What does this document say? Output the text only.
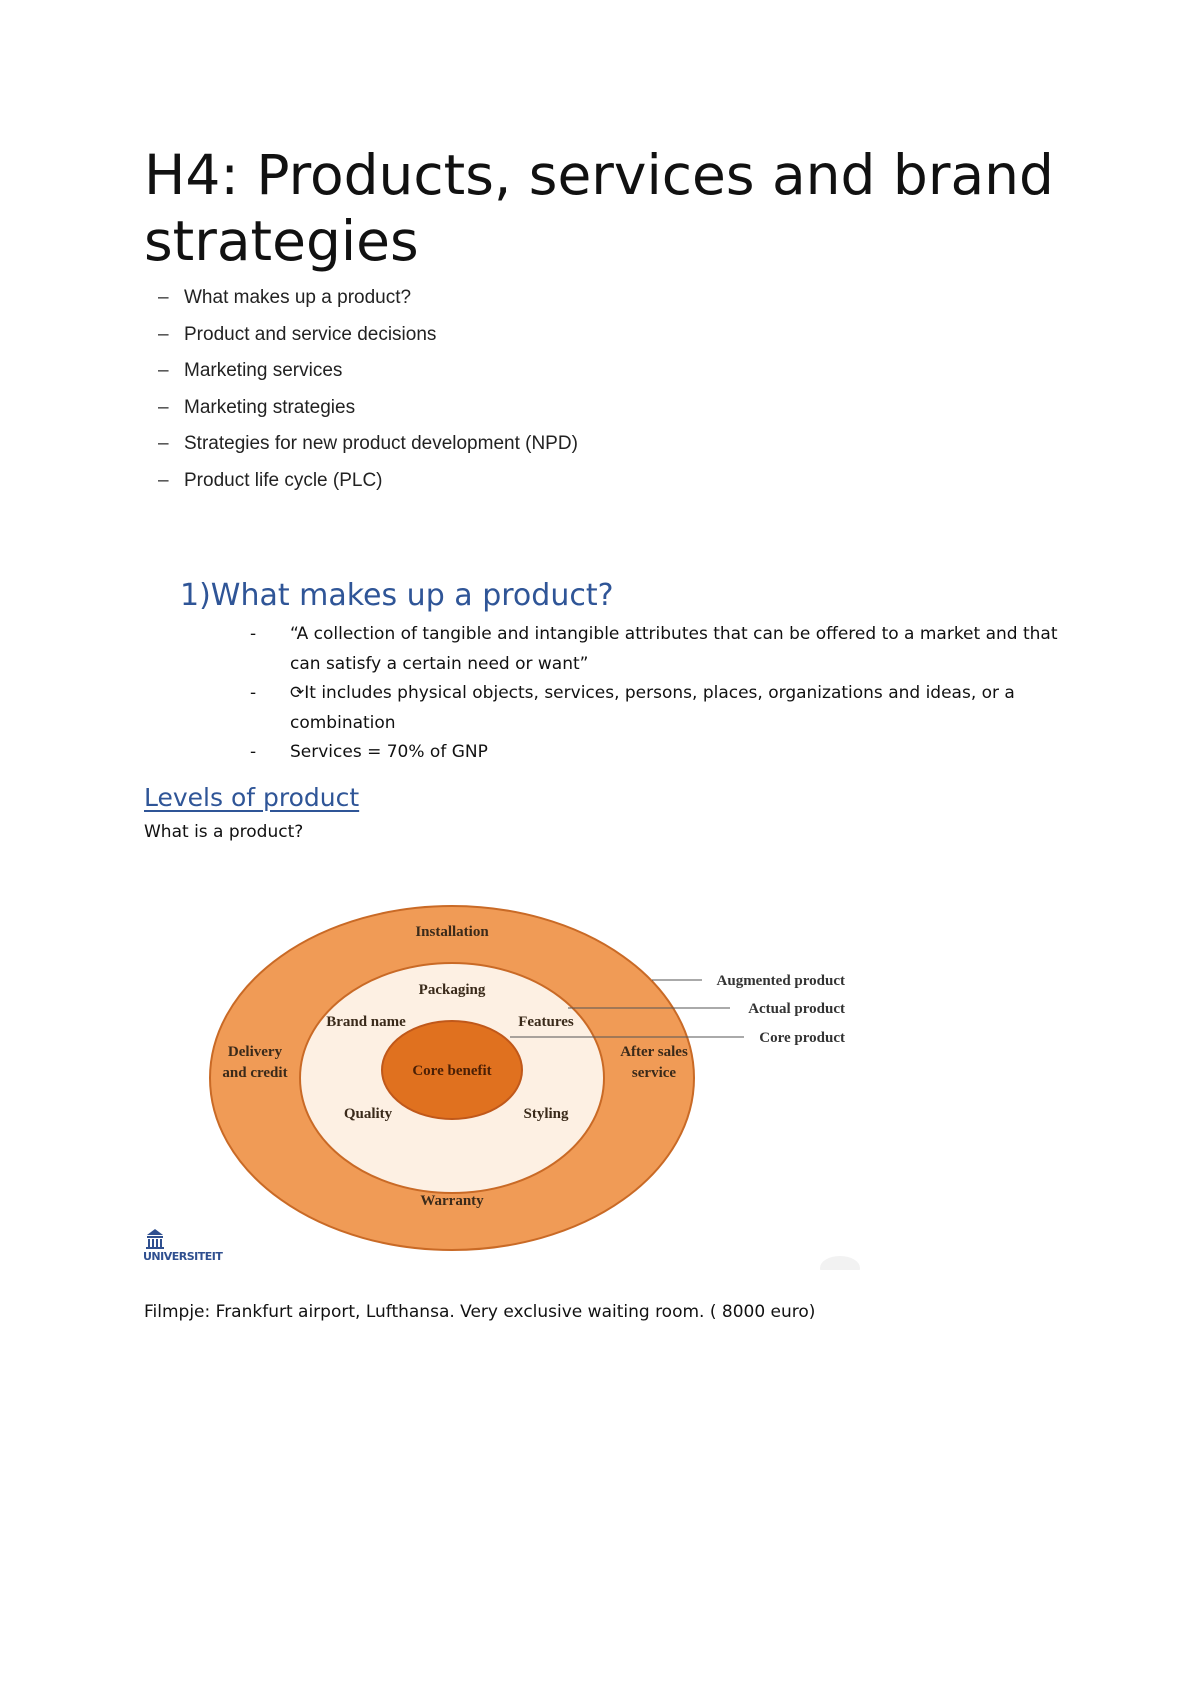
H4: Products, services and brand strategies
– What makes up a product?
– Product and service decisions
– Marketing services
– Marketing strategies
– Strategies for new product development (NPD)
– Product life cycle (PLC)
1)What makes up a product?
- “A collection of tangible and intangible attributes that can be offered to a market and that can satisfy a certain need or want”
- ⟳It includes physical objects, services, persons, places, organizations and ideas, or a combination
- Services = 70% of GNP
Levels of product

What is a product?

Installation
Delivery
and credit
After sales
service
Warranty
Packaging
Brand name	Features
Quality	Styling
Core benefit
Augmented product
Actual product
Core product
UNIVERSITEIT

Filmpje: Frankfurt airport, Lufthansa. Very exclusive waiting room. ( 8000 euro)
